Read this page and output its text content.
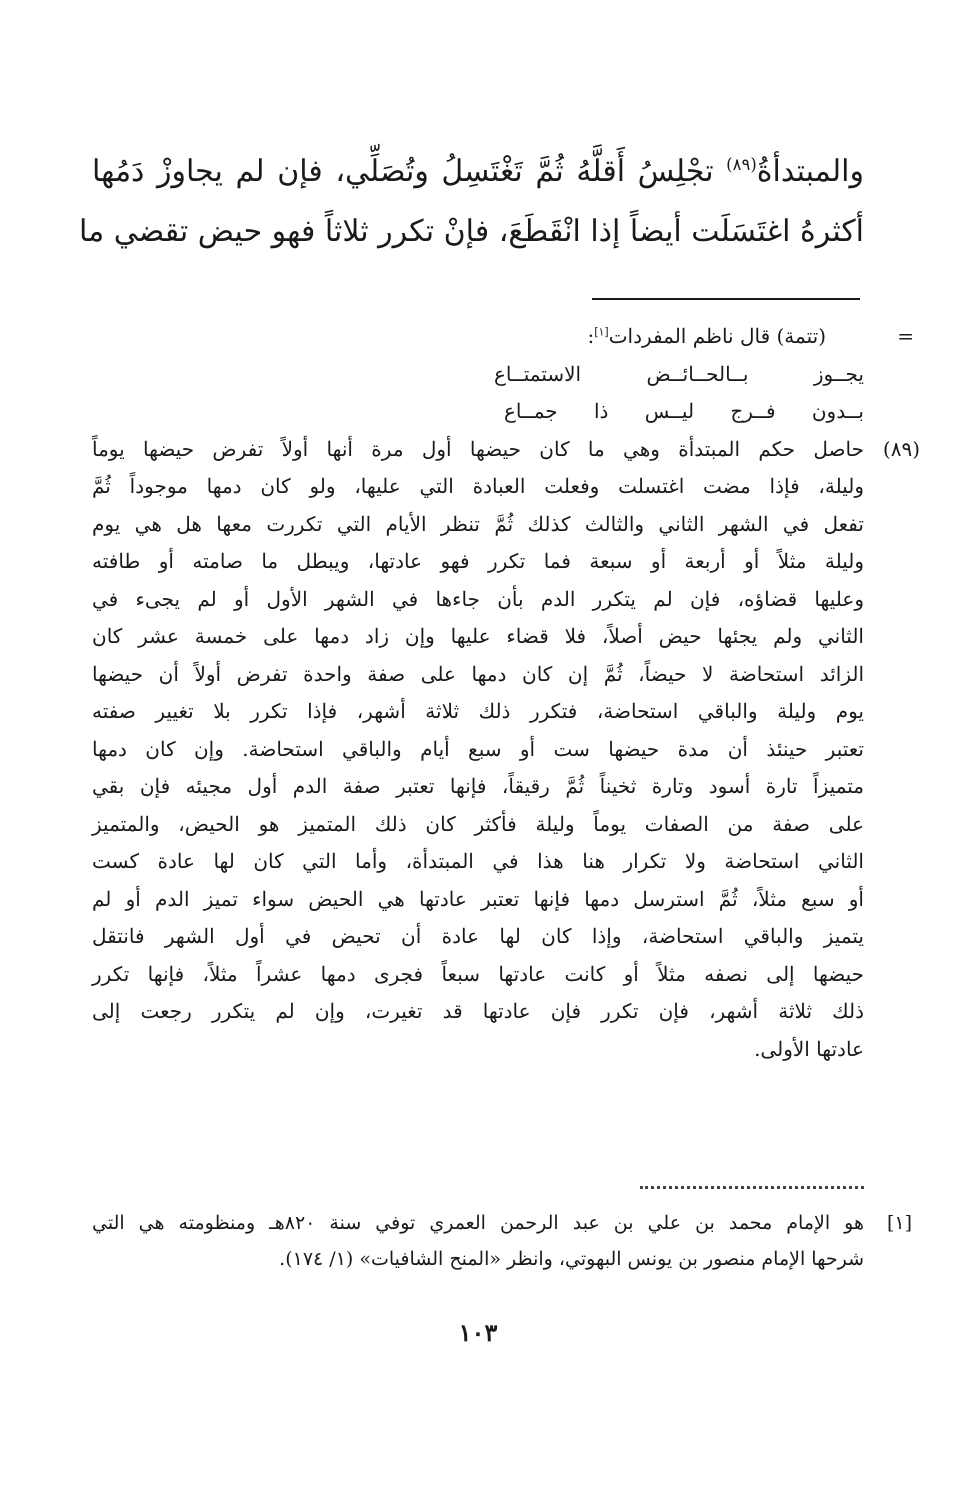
والمبتدأةُ$^{(٨٩)}$ تجْلِسُ أَقلَّهُ ثُمَّ تَغْتَسِلُ وتُصَلِّي، فإن لم يجاوزْ دَمُها
أكثرهُ اغتَسَلَت أيضاً إذا انْقَطَعَ، فإنْ تكرر ثلاثاً فهو حيض تقضي ما
=
(تتمة) قال ناظم المفردات[١]:
يجــوز بــالحــائــض الاستمتــاع
بــدون فــرج ليــس ذا جمــاع
(٨٩)
حاصل حكم المبتدأة وهي ما كان حيضها أول مرة أنها أولاً تفرض حيضها يوماً
وليلة، فإذا مضت اغتسلت وفعلت العبادة التي عليها، ولو كان دمها موجوداً ثُمَّ
تفعل في الشهر الثاني والثالث كذلك ثُمَّ تنظر الأيام التي تكررت معها هل هي يوم
وليلة مثلاً أو أربعة أو سبعة فما تكرر فهو عادتها، ويبطل ما صامته أو طافته
وعليها قضاؤه، فإن لم يتكرر الدم بأن جاءها في الشهر الأول أو لم يجىء في
الثاني ولم يجئها حيض أصلاً، فلا قضاء عليها وإن زاد دمها على خمسة عشر كان
الزائد استحاضة لا حيضاً، ثُمَّ إن كان دمها على صفة واحدة تفرض أولاً أن حيضها
يوم وليلة والباقي استحاضة، فتكرر ذلك ثلاثة أشهر، فإذا تكرر بلا تغيير صفته
تعتبر حينئذ أن مدة حيضها ست أو سبع أيام والباقي استحاضة. وإن كان دمها
متميزاً تارة أسود وتارة ثخيناً ثُمَّ رقيقاً، فإنها تعتبر صفة الدم أول مجيئه فإن بقي
على صفة من الصفات يوماً وليلة فأكثر كان ذلك المتميز هو الحيض، والمتميز
الثاني استحاضة ولا تكرار هنا هذا في المبتدأة، وأما التي كان لها عادة كست
أو سبع مثلاً، ثُمَّ استرسل دمها فإنها تعتبر عادتها هي الحيض سواء تميز الدم أو لم
يتميز والباقي استحاضة، وإذا كان لها عادة أن تحيض في أول الشهر فانتقل
حيضها إلى نصفه مثلاً أو كانت عادتها سبعاً فجرى دمها عشراً مثلاً، فإنها تكرر
ذلك ثلاثة أشهر، فإن تكرر فإن عادتها قد تغيرت، وإن لم يتكرر رجعت إلى
عادتها الأولى.
[١]
هو الإمام محمد بن علي بن عبد الرحمن العمري توفي سنة ٨٢٠هـ ومنظومته هي التي
شرحها الإمام منصور بن يونس البهوتي، وانظر «المنح الشافيات» (١/ ١٧٤).
١٠٣
